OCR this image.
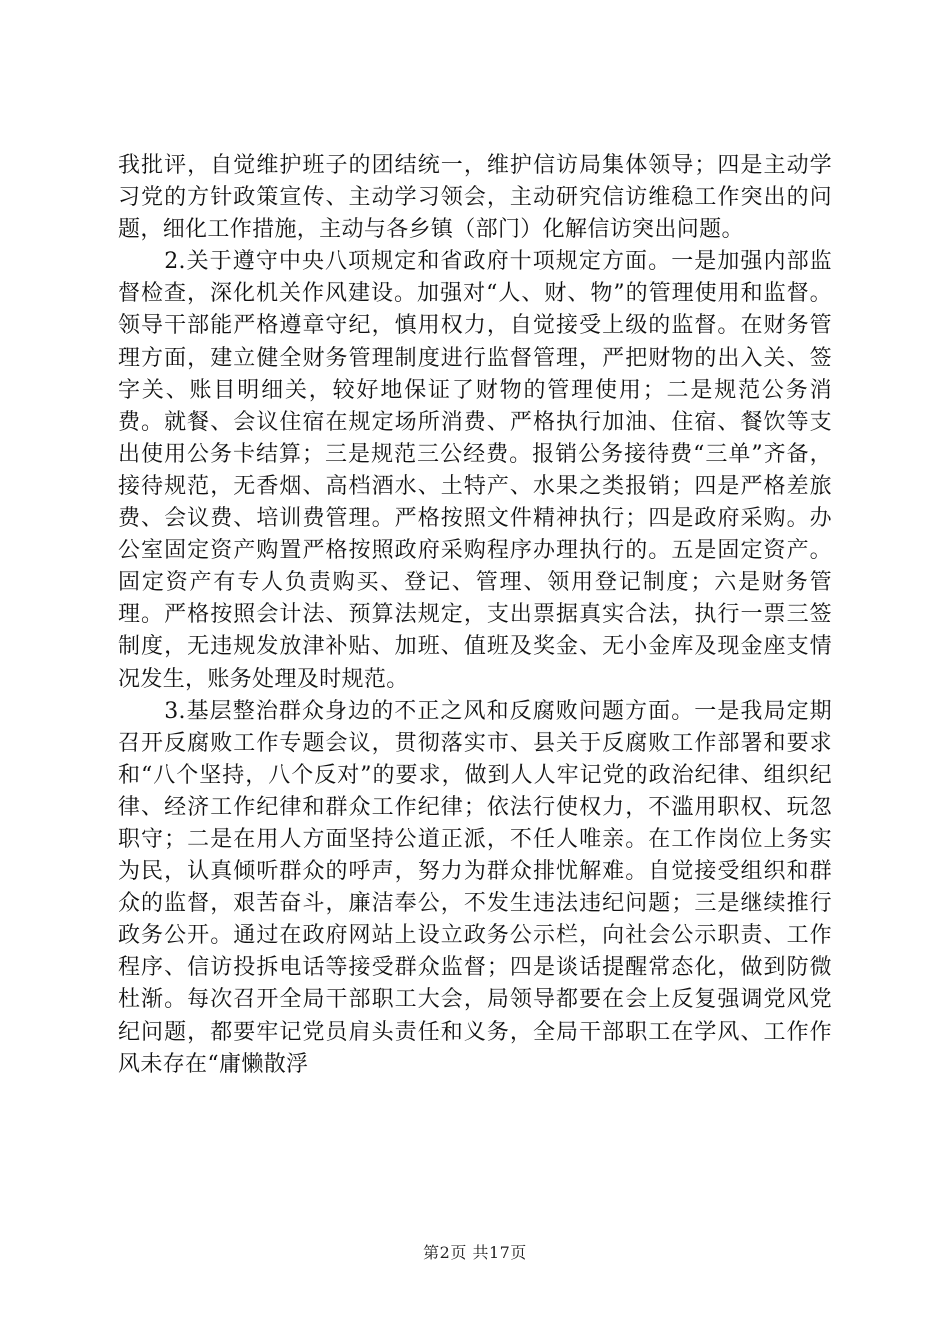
我批评，自觉维护班子的团结统一，维护信访局集体领导；四是主动学习党的方针政策宣传、主动学习领会，主动研究信访维稳工作突出的问题，细化工作措施，主动与各乡镇（部门）化解信访突出问题。

2.关于遵守中央八项规定和省政府十项规定方面。一是加强内部监督检查，深化机关作风建设。加强对“人、财、物”的管理使用和监督。领导干部能严格遵章守纪，慎用权力，自觉接受上级的监督。在财务管理方面，建立健全财务管理制度进行监督管理，严把财物的出入关、签字关、账目明细关，较好地保证了财物的管理使用；二是规范公务消费。就餐、会议住宿在规定场所消费、严格执行加油、住宿、餐饮等支出使用公务卡结算；三是规范三公经费。报销公务接待费“三单”齐备，接待规范，无香烟、高档酒水、土特产、水果之类报销；四是严格差旅费、会议费、培训费管理。严格按照文件精神执行；四是政府采购。办公室固定资产购置严格按照政府采购程序办理执行的。五是固定资产。固定资产有专人负责购买、登记、管理、领用登记制度；六是财务管理。严格按照会计法、预算法规定，支出票据真实合法，执行一票三签制度，无违规发放津补贴、加班、值班及奖金、无小金库及现金座支情况发生，账务处理及时规范。

3.基层整治群众身边的不正之风和反腐败问题方面。一是我局定期召开反腐败工作专题会议，贯彻落实市、县关于反腐败工作部署和要求和“八个坚持，八个反对”的要求，做到人人牢记党的政治纪律、组织纪律、经济工作纪律和群众工作纪律；依法行使权力，不滥用职权、玩忽职守；二是在用人方面坚持公道正派，不任人唯亲。在工作岗位上务实为民，认真倾听群众的呼声，努力为群众排忧解难。自觉接受组织和群众的监督，艰苦奋斗，廉洁奉公，不发生违法违纪问题；三是继续推行政务公开。通过在政府网站上设立政务公示栏，向社会公示职责、工作程序、信访投拆电话等接受群众监督；四是谈话提醒常态化，做到防微杜渐。每次召开全局干部职工大会，局领导都要在会上反复强调党风党纪问题，都要牢记党员肩头责任和义务，全局干部职工在学风、工作作风未存在“庸懒散浮

第2页 共17页
